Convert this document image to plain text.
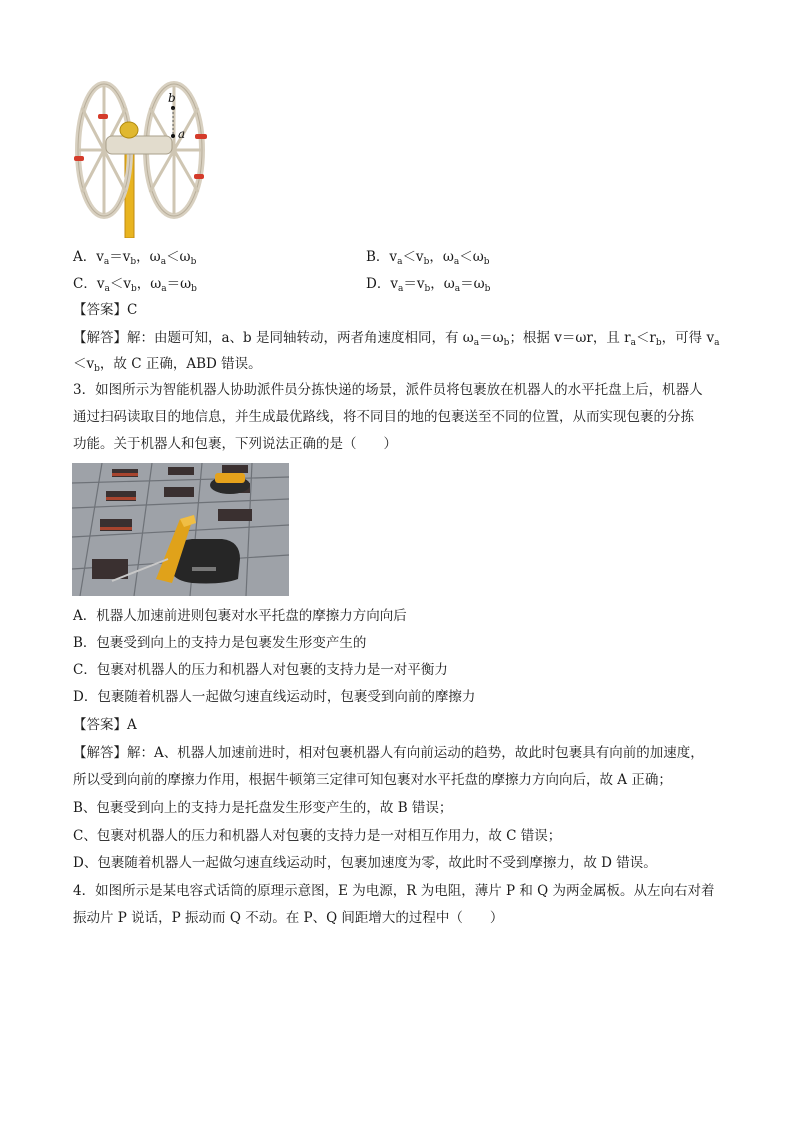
b
a
A．$v_a=v_b$，$\omega_a<\omega_b$	B．$v_a<v_b$，$\omega_a<\omega_b$
C．$v_a<v_b$，$\omega_a=\omega_b$	D．$v_a=v_b$，$\omega_a=\omega_b$
【答案】C
【解答】解：由题可知，a、b 是同轴转动，两者角速度相同，有 $\omega_a=\omega_b$；根据 v＝ωr，且 $r_a<r_b$，可得 $v_a$
$<v_b$，故 C 正确，ABD 错误。
3．如图所示为智能机器人协助派件员分拣快递的场景，派件员将包裹放在机器人的水平托盘上后，机器人
通过扫码读取目的地信息，并生成最优路线，将不同目的地的包裹送至不同的位置，从而实现包裹的分拣
功能。关于机器人和包裹，下列说法正确的是（　　）
A．机器人加速前进则包裹对水平托盘的摩擦力方向向后
B．包裹受到向上的支持力是包裹发生形变产生的
C．包裹对机器人的压力和机器人对包裹的支持力是一对平衡力
D．包裹随着机器人一起做匀速直线运动时，包裹受到向前的摩擦力
【答案】A
【解答】解：A、机器人加速前进时，相对包裹机器人有向前运动的趋势，故此时包裹具有向前的加速度，
所以受到向前的摩擦力作用，根据牛顿第三定律可知包裹对水平托盘的摩擦力方向向后，故 A 正确；
B、包裹受到向上的支持力是托盘发生形变产生的，故 B 错误；
C、包裹对机器人的压力和机器人对包裹的支持力是一对相互作用力，故 C 错误；
D、包裹随着机器人一起做匀速直线运动时，包裹加速度为零，故此时不受到摩擦力，故 D 错误。
4．如图所示是某电容式话筒的原理示意图，E 为电源，R 为电阻，薄片 P 和 Q 为两金属板。从左向右对着
振动片 P 说话，P 振动而 Q 不动。在 P、Q 间距增大的过程中（　　）
